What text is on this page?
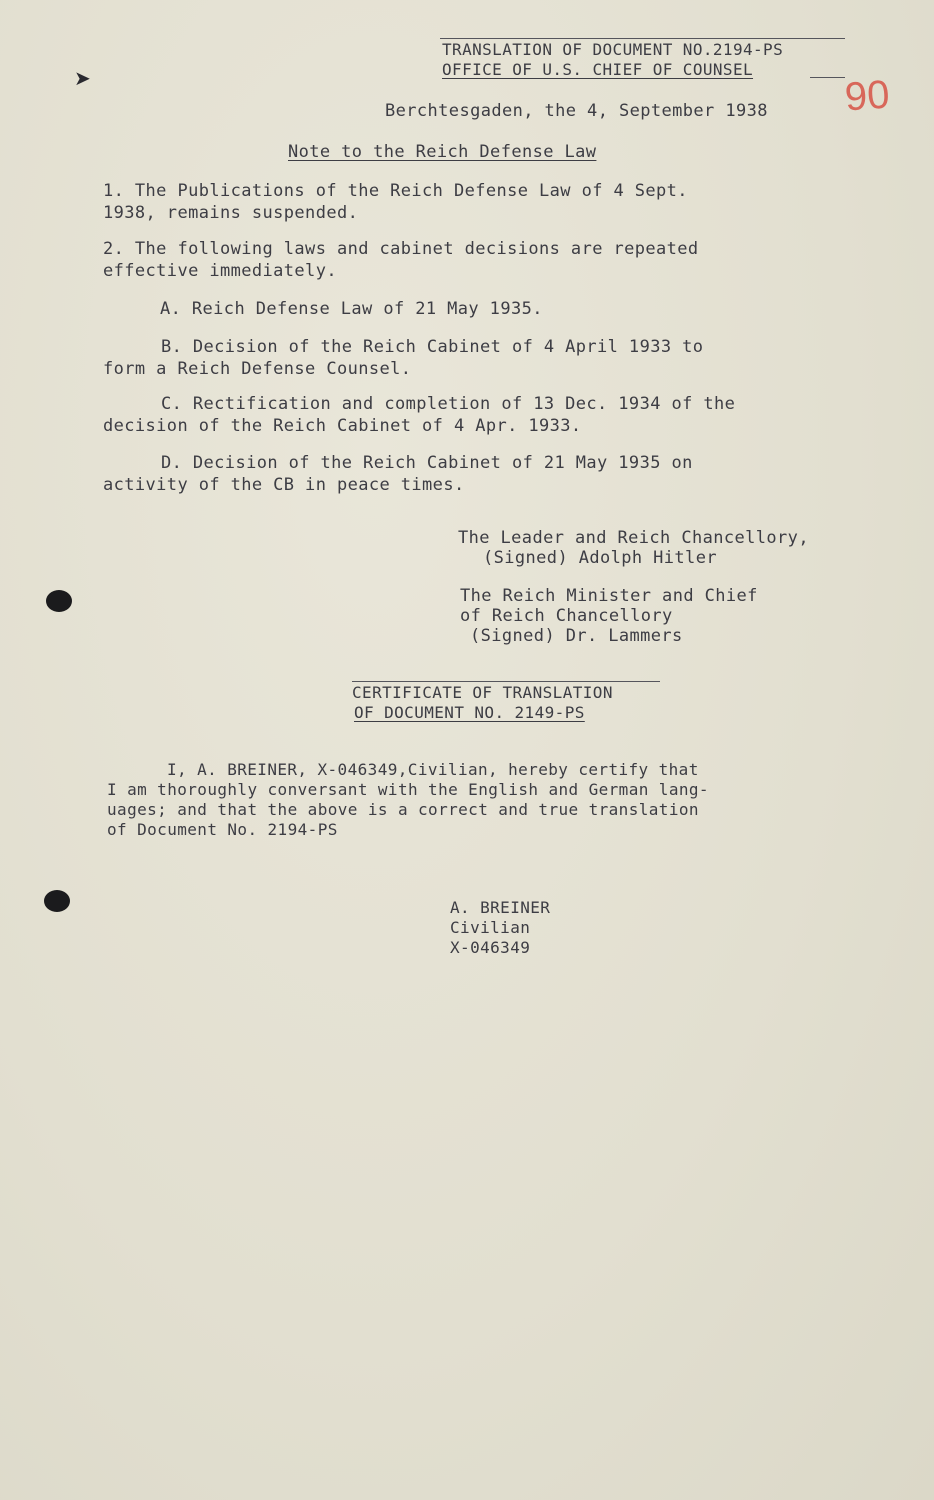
TRANSLATION OF DOCUMENT NO.2194-PS
OFFICE OF U.S. CHIEF OF COUNSEL
90
Berchtesgaden, the 4, September 1938
Note to the Reich Defense Law
1. The Publications of the Reich Defense Law of 4 Sept.
1938, remains suspended.
2. The following laws and cabinet decisions are repeated
effective immediately.
A. Reich Defense Law of 21 May 1935.
B. Decision of the Reich Cabinet of 4 April 1933 to
form a Reich Defense Counsel.
C. Rectification and completion of 13 Dec. 1934 of the
decision of the Reich Cabinet of 4 Apr. 1933.
D. Decision of the Reich Cabinet of 21 May 1935 on
activity of the CB in peace times.
The Leader and Reich Chancellory,
(Signed) Adolph Hitler
The Reich Minister and Chief
of Reich Chancellory
(Signed) Dr. Lammers
CERTIFICATE OF TRANSLATION
OF DOCUMENT NO. 2149-PS
I, A. BREINER, X-046349,Civilian, hereby certify that
I am thoroughly conversant with the English and German lang-
uages; and that the above is a correct and true translation
of Document No. 2194-PS
A. BREINER
Civilian
X-046349
➤
